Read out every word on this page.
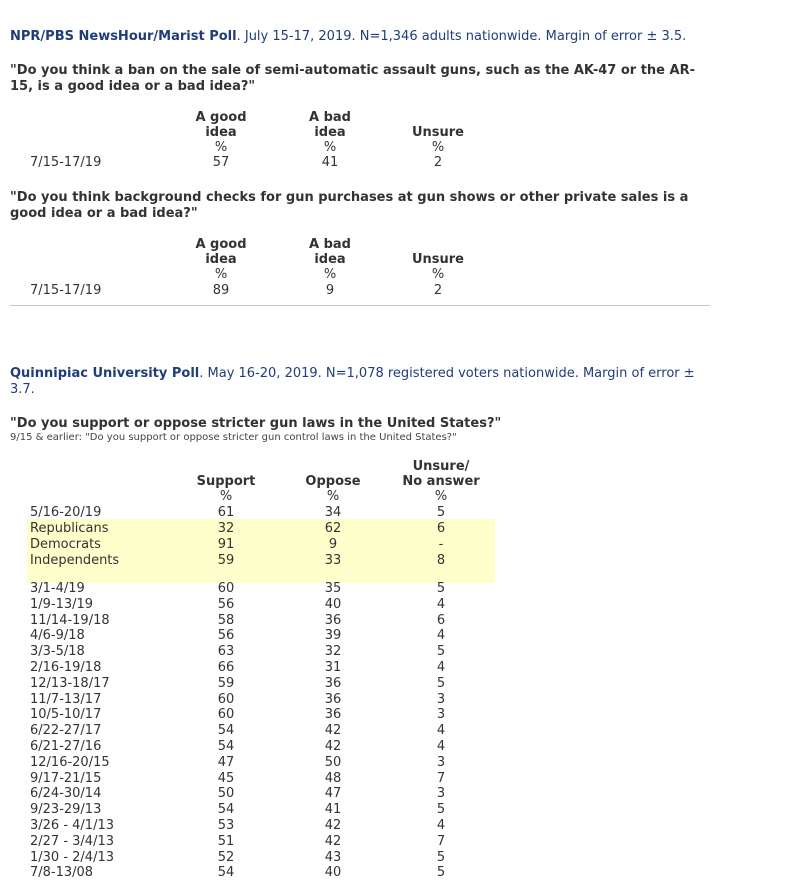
NPR/PBS NewsHour/Marist Poll. July 15-17, 2019. N=1,346 adults nationwide. Margin of error ± 3.5.
"Do you think a ban on the sale of semi-automatic assault guns, such as the AK-47 or the AR-15, is a good idea or a bad idea?"
A good
idea
%
A bad
idea
%
Unsure
%
7/15-17/19	57	41	2
"Do you think background checks for gun purchases at gun shows or other private sales is a good idea or a bad idea?"
A good
idea
%
A bad
idea
%
Unsure
%
7/15-17/19	89	9	2
Quinnipiac University Poll. May 16-20, 2019. N=1,078 registered voters nationwide. Margin of error ± 3.7.
"Do you support or oppose stricter gun laws in the United States?"
9/15 & earlier: "Do you support or oppose stricter gun control laws in the United States?"
Support
%
Oppose
%
Unsure/
No answer
%
5/16-20/19	61	34	5
Republicans	32	62	6
Democrats	91	9	-
Independents	59	33	8
3/1-4/19	60	35	5
1/9-13/19	56	40	4
11/14-19/18	58	36	6
4/6-9/18	56	39	4
3/3-5/18	63	32	5
2/16-19/18	66	31	4
12/13-18/17	59	36	5
11/7-13/17	60	36	3
10/5-10/17	60	36	3
6/22-27/17	54	42	4
6/21-27/16	54	42	4
12/16-20/15	47	50	3
9/17-21/15	45	48	7
6/24-30/14	50	47	3
9/23-29/13	54	41	5
3/26 - 4/1/13	53	42	4
2/27 - 3/4/13	51	42	7
1/30 - 2/4/13	52	43	5
7/8-13/08	54	40	5
